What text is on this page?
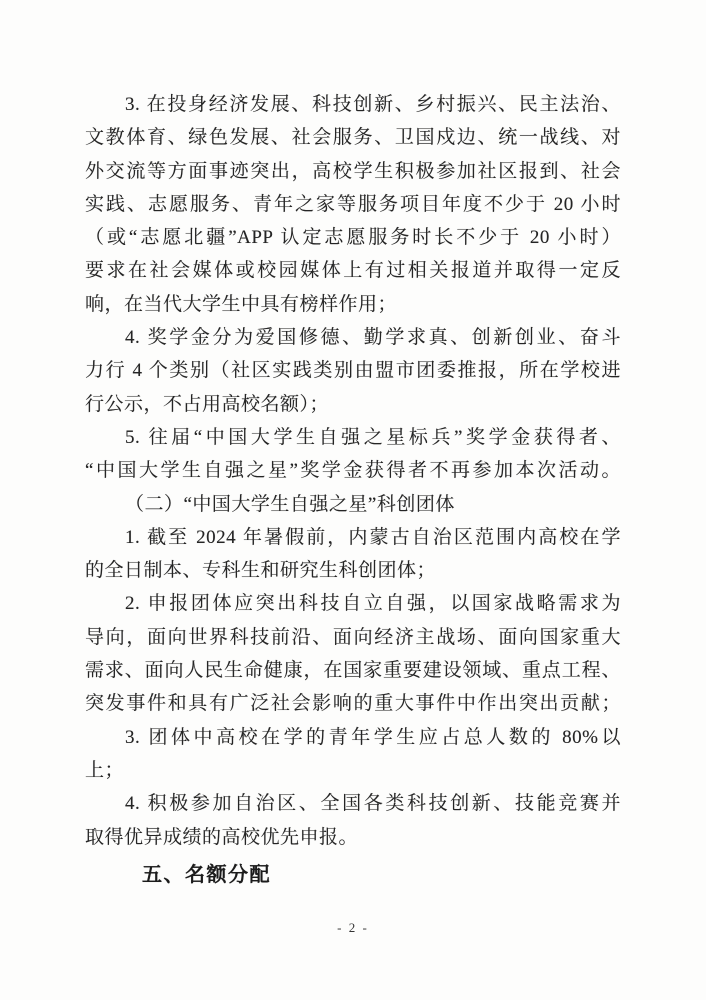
3. 在投身经济发展、科技创新、乡村振兴、民主法治、
文教体育、绿色发展、社会服务、卫国戍边、统一战线、对
外交流等方面事迹突出，高校学生积极参加社区报到、社会
实践、志愿服务、青年之家等服务项目年度不少于 20 小时
（或“志愿北疆”APP 认定志愿服务时长不少于 20 小时）
要求在社会媒体或校园媒体上有过相关报道并取得一定反
响，在当代大学生中具有榜样作用；
4. 奖学金分为爱国修德、勤学求真、创新创业、奋斗
力行 4 个类别（社区实践类别由盟市团委推报，所在学校进
行公示，不占用高校名额）；
5. 往届“中国大学生自强之星标兵”奖学金获得者、
“中国大学生自强之星”奖学金获得者不再参加本次活动。
（二）“中国大学生自强之星”科创团体
1. 截至 2024 年暑假前，内蒙古自治区范围内高校在学
的全日制本、专科生和研究生科创团体；
2. 申报团体应突出科技自立自强，以国家战略需求为
导向，面向世界科技前沿、面向经济主战场、面向国家重大
需求、面向人民生命健康，在国家重要建设领域、重点工程、
突发事件和具有广泛社会影响的重大事件中作出突出贡献；
3. 团体中高校在学的青年学生应占总人数的 80%以
上；
4. 积极参加自治区、全国各类科技创新、技能竞赛并
取得优异成绩的高校优先申报。
五、名额分配
- 2 -
